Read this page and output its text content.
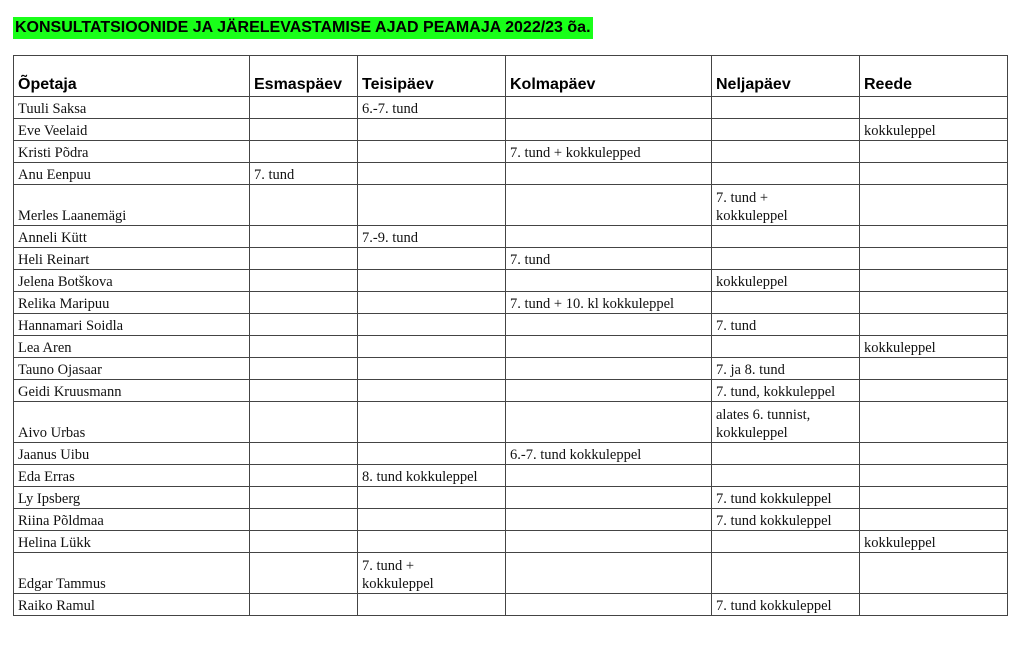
KONSULTATSIOONIDE JA JÄRELEVASTAMISE AJAD PEAMAJA 2022/23 õa.
Õpetaja	Esmaspäev	Teisipäev	Kolmapäev	Neljapäev	Reede

Tuuli Saksa		6.-7. tund			

Eve Veelaid					kokkuleppel

Kristi Põdra			7. tund + kokkulepped		

Anu Eenpuu	7. tund				

Merles Laanemägi				7. tund +
kokkuleppel	

Anneli Kütt		7.-9. tund			

Heli Reinart			7. tund		

Jelena Botškova				kokkuleppel	

Relika Maripuu			7. tund + 10. kl kokkuleppel		

Hannamari Soidla				7. tund	

Lea Aren					kokkuleppel

Tauno Ojasaar				7. ja 8. tund	

Geidi Kruusmann				7. tund, kokkuleppel	

Aivo Urbas				alates 6. tunnist,
kokkuleppel	

Jaanus Uibu			6.-7. tund kokkuleppel		

Eda Erras		8. tund kokkuleppel			

Ly Ipsberg				7. tund kokkuleppel	

Riina Põldmaa				7. tund kokkuleppel	

Helina Lükk					kokkuleppel

Edgar Tammus		7. tund +
kokkuleppel			

Raiko Ramul				7. tund kokkuleppel	
